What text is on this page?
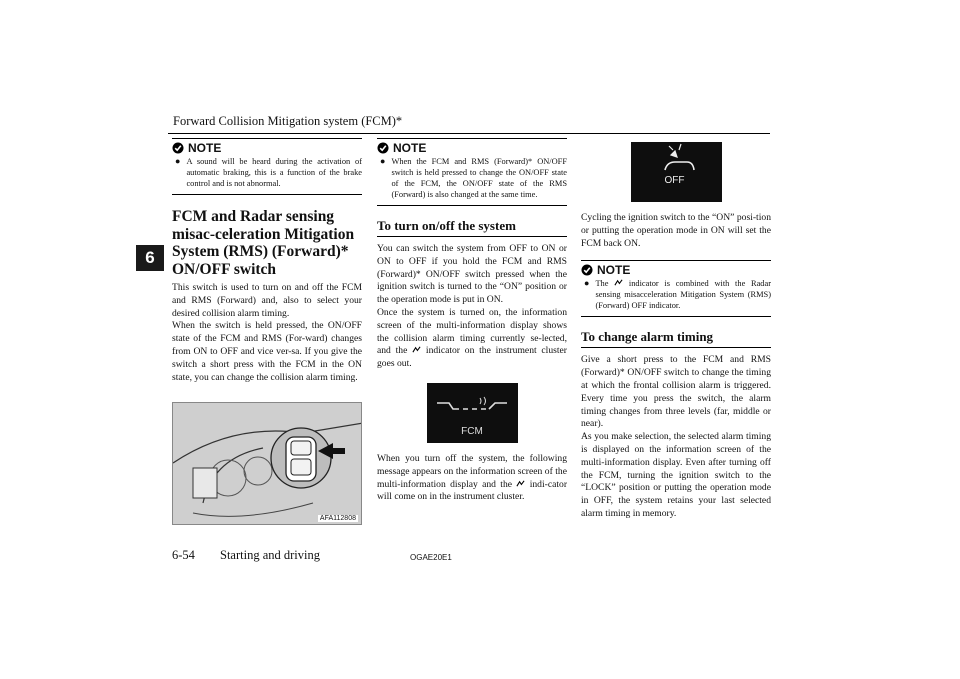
Forward Collision Mitigation system (FCM)*
6
NOTE
● A sound will be heard during the activation of automatic braking, this is a function of the brake control and is not abnormal.
FCM and Radar sensing misac-celeration Mitigation System (RMS) (Forward)* ON/OFF switch

This switch is used to turn on and off the FCM and RMS (Forward) and, also to select your desired collision alarm timing.

When the switch is held pressed, the ON/OFF state of the FCM and RMS (For-ward) changes from ON to OFF and vice ver-sa. If you give the switch a short press with the FCM in the ON state, you can change the collision alarm timing.

AFA112808
NOTE
● When the FCM and RMS (Forward)* ON/OFF switch is held pressed to change the ON/OFF state of the FCM, the ON/OFF state of the RMS (Forward) is also changed at the same time.
To turn on/off the system

You can switch the system from OFF to ON or ON to OFF if you hold the FCM and RMS (Forward)* ON/OFF switch pressed when the ignition switch is turned to the “ON” position or the operation mode is put in ON.

Once the system is turned on, the information screen of the multi-information display shows the collision alarm timing currently se-lected, and the indicator on the instrument cluster goes out.

FCM

When you turn off the system, the following message appears on the information screen of the multi-information display and the indi-cator will come on in the instrument cluster.

OFF

Cycling the ignition switch to the “ON” posi-tion or putting the operation mode in ON will set the FCM back ON.

NOTE
● The indicator is combined with the Radar sensing misacceleration Mitigation System (RMS) (Forward) OFF indicator.
To change alarm timing

Give a short press to the FCM and RMS (Forward)* ON/OFF switch to change the timing at which the frontal collision alarm is triggered. Every time you press the switch, the alarm timing changes from three levels (far, middle or near).

As you make selection, the selected alarm timing is displayed on the information screen of the multi-information display. Even after turning off the FCM, turning the ignition switch to the “LOCK” position or putting the operation mode in OFF, the system retains your last selected alarm timing in memory.

6-54 Starting and driving	OGAE20E1
